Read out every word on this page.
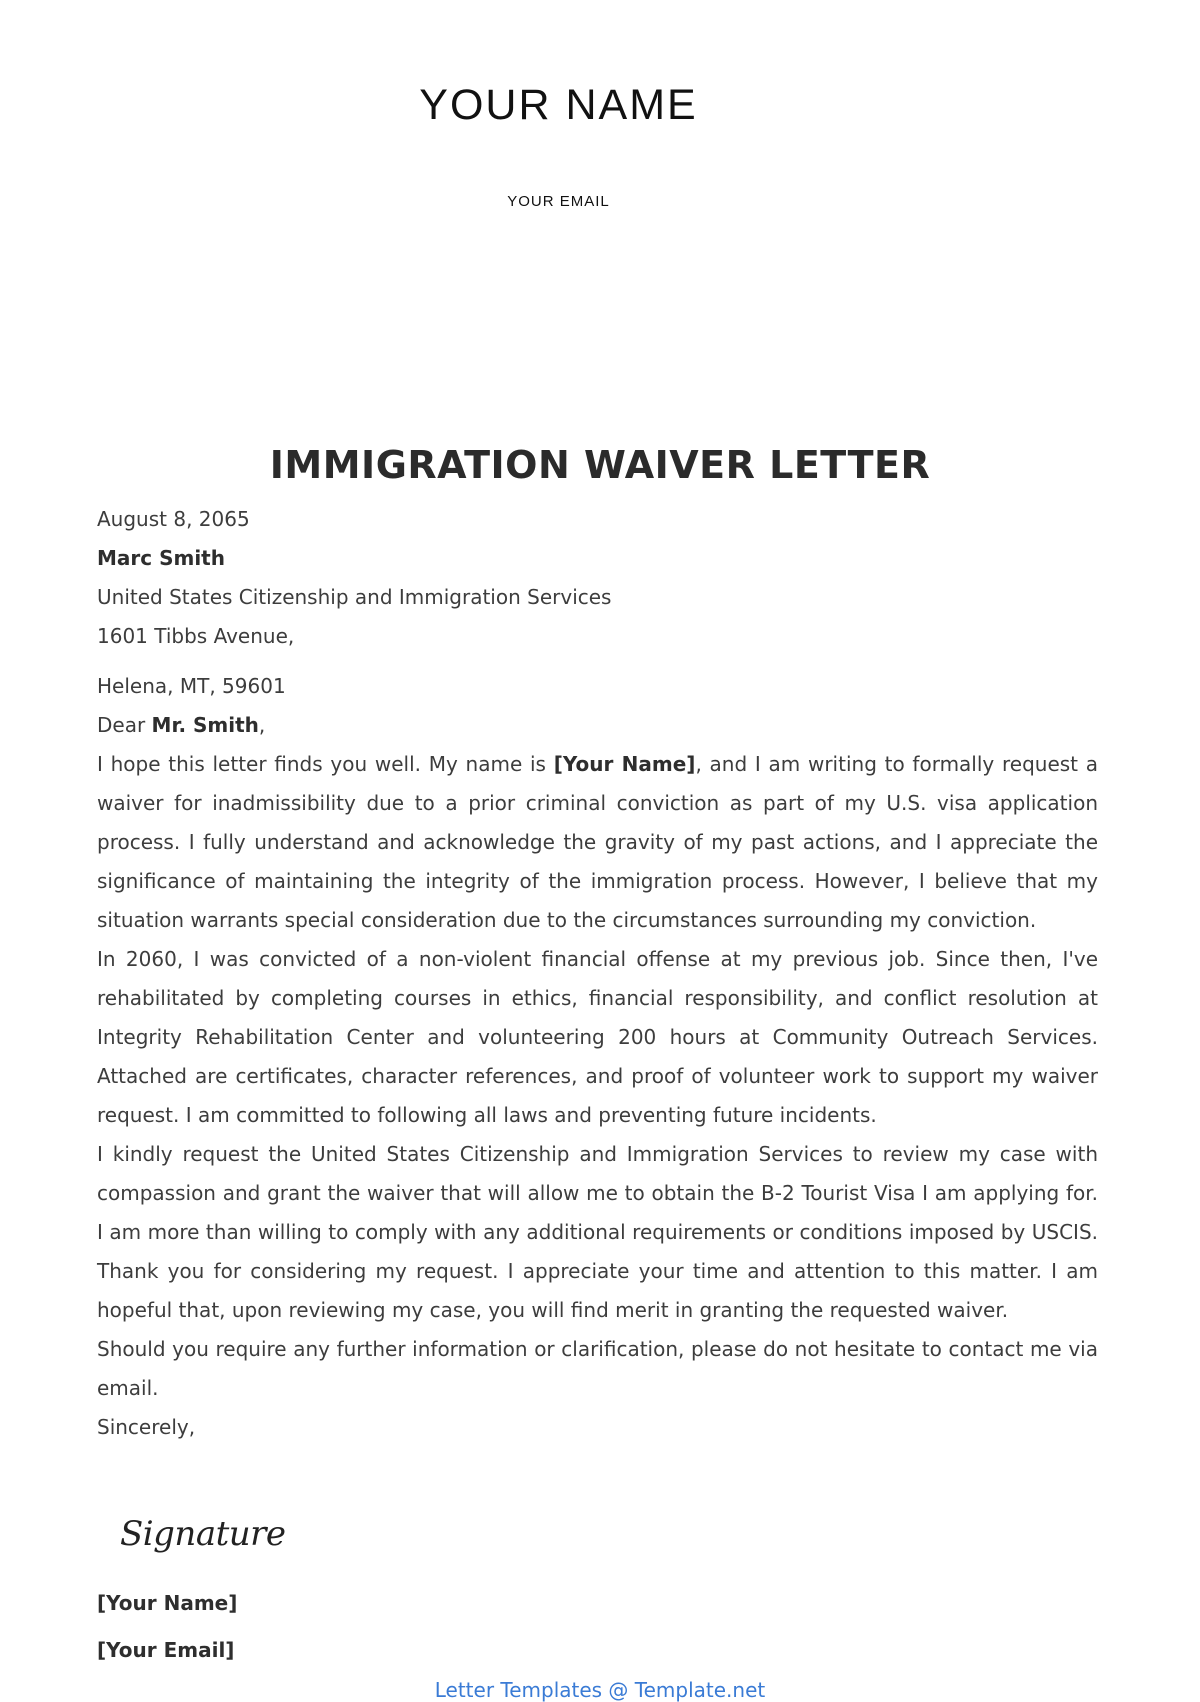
YOUR NAME
YOUR EMAIL
IMMIGRATION WAIVER LETTER

August 8, 2065

Marc Smith

United States Citizenship and Immigration Services

1601 Tibbs Avenue,

Helena, MT, 59601

Dear Mr. Smith,

I hope this letter finds you well. My name is [Your Name], and I am writing to formally request a waiver for inadmissibility due to a prior criminal conviction as part of my U.S. visa application process. I fully understand and acknowledge the gravity of my past actions, and I appreciate the significance of maintaining the integrity of the immigration process. However, I believe that my situation warrants special consideration due to the circumstances surrounding my conviction.

In 2060, I was convicted of a non-violent financial offense at my previous job. Since then, I've rehabilitated by completing courses in ethics, financial responsibility, and conflict resolution at Integrity Rehabilitation Center and volunteering 200 hours at Community Outreach Services. Attached are certificates, character references, and proof of volunteer work to support my waiver request. I am committed to following all laws and preventing future incidents.

I kindly request the United States Citizenship and Immigration Services to review my case with compassion and grant the waiver that will allow me to obtain the B-2 Tourist Visa I am applying for. I am more than willing to comply with any additional requirements or conditions imposed by USCIS. Thank you for considering my request. I appreciate your time and attention to this matter. I am hopeful that, upon reviewing my case, you will find merit in granting the requested waiver.

Should you require any further information or clarification, please do not hesitate to contact me via email.

Sincerely,

Signature
[Your Name]
[Your Email]
Letter Templates @ Template.net
